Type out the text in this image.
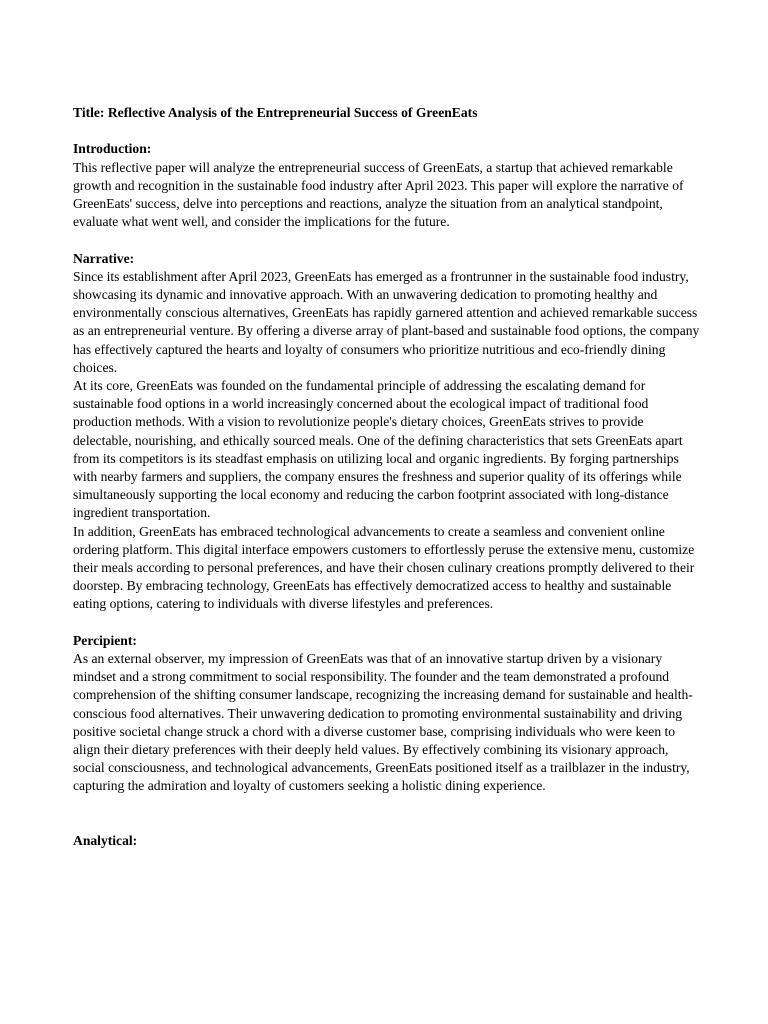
Title: Reflective Analysis of the Entrepreneurial Success of GreenEats

Introduction:

This reflective paper will analyze the entrepreneurial success of GreenEats, a startup that achieved remarkable growth and recognition in the sustainable food industry after April 2023. This paper will explore the narrative of GreenEats' success, delve into perceptions and reactions, analyze the situation from an analytical standpoint, evaluate what went well, and consider the implications for the future.

Narrative:

Since its establishment after April 2023, GreenEats has emerged as a frontrunner in the sustainable food industry, showcasing its dynamic and innovative approach. With an unwavering dedication to promoting healthy and environmentally conscious alternatives, GreenEats has rapidly garnered attention and achieved remarkable success as an entrepreneurial venture. By offering a diverse array of plant-based and sustainable food options, the company has effectively captured the hearts and loyalty of consumers who prioritize nutritious and eco-friendly dining choices.

At its core, GreenEats was founded on the fundamental principle of addressing the escalating demand for sustainable food options in a world increasingly concerned about the ecological impact of traditional food production methods. With a vision to revolutionize people's dietary choices, GreenEats strives to provide delectable, nourishing, and ethically sourced meals. One of the defining characteristics that sets GreenEats apart from its competitors is its steadfast emphasis on utilizing local and organic ingredients. By forging partnerships with nearby farmers and suppliers, the company ensures the freshness and superior quality of its offerings while simultaneously supporting the local economy and reducing the carbon footprint associated with long-distance ingredient transportation.

In addition, GreenEats has embraced technological advancements to create a seamless and convenient online ordering platform. This digital interface empowers customers to effortlessly peruse the extensive menu, customize their meals according to personal preferences, and have their chosen culinary creations promptly delivered to their doorstep. By embracing technology, GreenEats has effectively democratized access to healthy and sustainable eating options, catering to individuals with diverse lifestyles and preferences.

Percipient:

As an external observer, my impression of GreenEats was that of an innovative startup driven by a visionary mindset and a strong commitment to social responsibility. The founder and the team demonstrated a profound comprehension of the shifting consumer landscape, recognizing the increasing demand for sustainable and health-conscious food alternatives. Their unwavering dedication to promoting environmental sustainability and driving positive societal change struck a chord with a diverse customer base, comprising individuals who were keen to align their dietary preferences with their deeply held values. By effectively combining its visionary approach, social consciousness, and technological advancements, GreenEats positioned itself as a trailblazer in the industry, capturing the admiration and loyalty of customers seeking a holistic dining experience.

Analytical:
